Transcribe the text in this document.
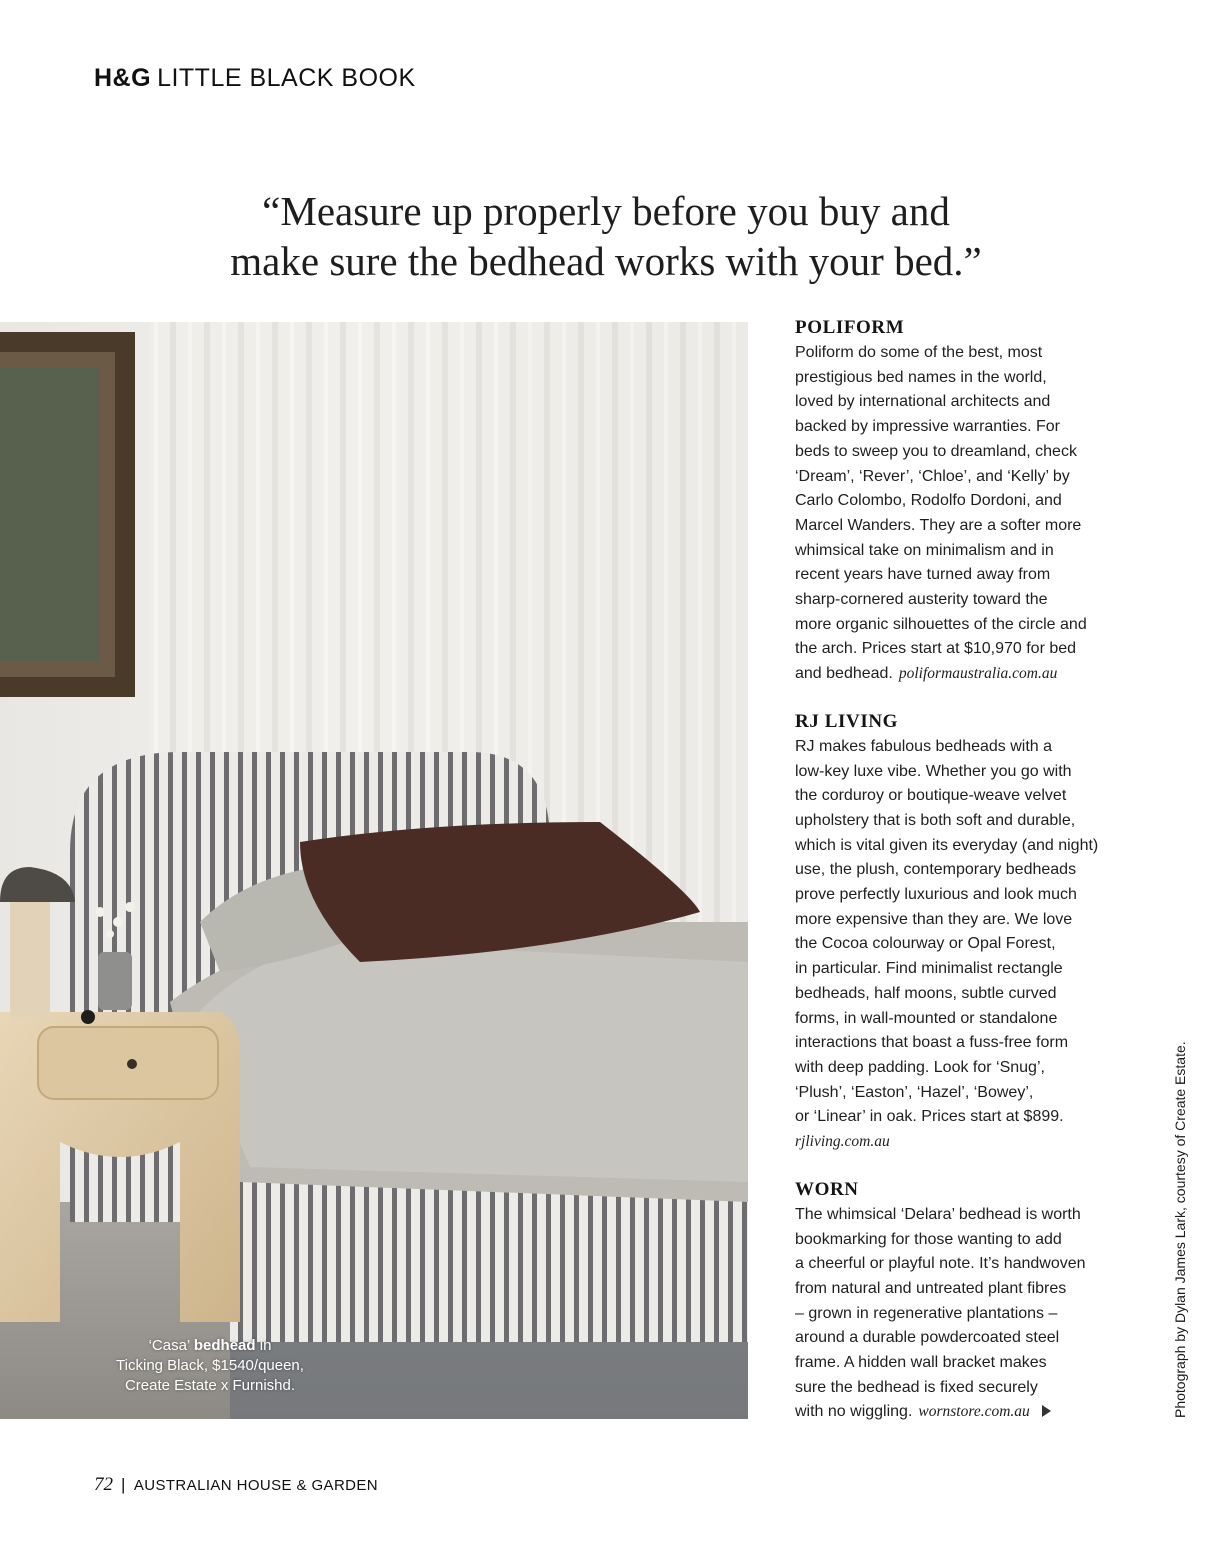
H&G LITTLE BLACK BOOK
“Measure up properly before you buy and
make sure the bedhead works with your bed.”
‘Casa’ bedhead in
Ticking Black, $1540/queen,
Create Estate x Furnishd.
POLIFORM

Poliform do some of the best, most
prestigious bed names in the world,
loved by international architects and
backed by impressive warranties. For
beds to sweep you to dreamland, check
‘Dream’, ‘Rever’, ‘Chloe’, and ‘Kelly’ by
Carlo Colombo, Rodolfo Dordoni, and
Marcel Wanders. They are a softer more
whimsical take on minimalism and in
recent years have turned away from
sharp-cornered austerity toward the
more organic silhouettes of the circle and
the arch. Prices start at $10,970 for bed
and bedhead. poliformaustralia.com.au

RJ LIVING

RJ makes fabulous bedheads with a
low-key luxe vibe. Whether you go with
the corduroy or boutique-weave velvet
upholstery that is both soft and durable,
which is vital given its everyday (and night)
use, the plush, contemporary bedheads
prove perfectly luxurious and look much
more expensive than they are. We love
the Cocoa colourway or Opal Forest,
in particular. Find minimalist rectangle
bedheads, half moons, subtle curved
forms, in wall-mounted or standalone
interactions that boast a fuss-free form
with deep padding. Look for ‘Snug’,
‘Plush’, ‘Easton’, ‘Hazel’, ‘Bowey’,
or ‘Linear’ in oak. Prices start at $899.
rjliving.com.au

WORN

The whimsical ‘Delara’ bedhead is worth
bookmarking for those wanting to add
a cheerful or playful note. It’s handwoven
from natural and untreated plant fibres
– grown in regenerative plantations –
around a durable powdercoated steel
frame. A hidden wall bracket makes
sure the bedhead is fixed securely
with no wiggling. wornstore.com.au	Photograph by Dylan James Lark, courtesy of Create Estate.
72 | AUSTRALIAN HOUSE & GARDEN
